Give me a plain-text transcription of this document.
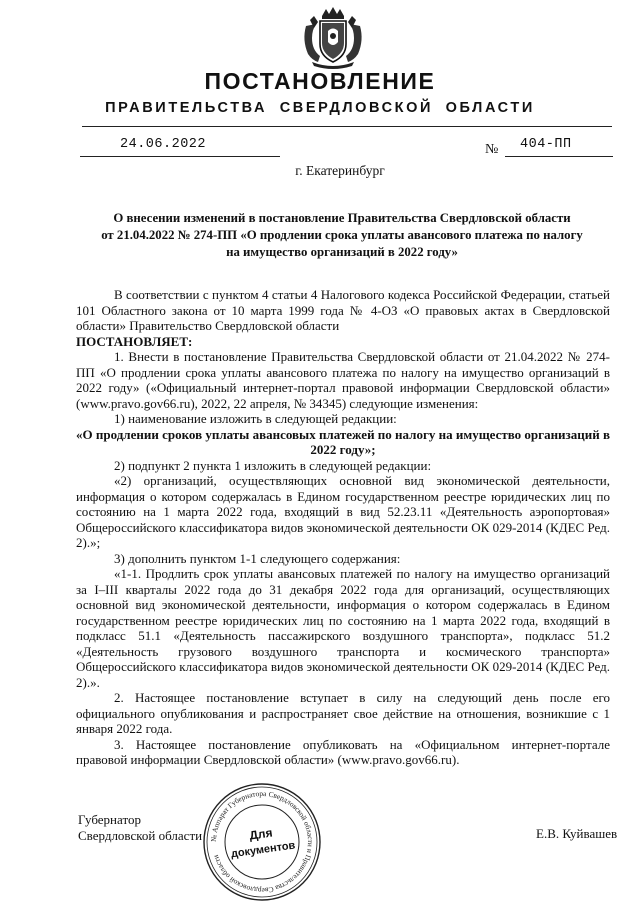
ПОСТАНОВЛЕНИЕ
ПРАВИТЕЛЬСТВА СВЕРДЛОВСКОЙ ОБЛАСТИ
24.06.2022	№ 404-ПП
г. Екатеринбург
О внесении изменений в постановление Правительства Свердловской области
от 21.04.2022 № 274-ПП «О продлении срока уплаты авансового платежа по налогу
на имущество организаций в 2022 году»

В соответствии с пунктом 4 статьи 4 Налогового кодекса Российской Федерации, статьей 101 Областного закона от 10 марта 1999 года № 4-ОЗ «О правовых актах в Свердловской области» Правительство Свердловской области

ПОСТАНОВЛЯЕТ:

1. Внести в постановление Правительства Свердловской области от 21.04.2022 № 274-ПП «О продлении срока уплаты авансового платежа по налогу на имущество организаций в 2022 году» («Официальный интернет-портал правовой информации Свердловской области» (www.pravo.gov66.ru), 2022, 22 апреля, № 34345) следующие изменения:

1) наименование изложить в следующей редакции:

«О продлении сроков уплаты авансовых платежей по налогу на имущество организаций в 2022 году»;

2) подпункт 2 пункта 1 изложить в следующей редакции:

«2) организаций, осуществляющих основной вид экономической деятельности, информация о котором содержалась в Едином государственном реестре юридических лиц по состоянию на 1 марта 2022 года, входящий в вид 52.23.11 «Деятельность аэропортовая» Общероссийского классификатора видов экономической деятельности ОК 029-2014 (КДЕС Ред. 2).»;

3) дополнить пунктом 1-1 следующего содержания:

«1-1. Продлить срок уплаты авансовых платежей по налогу на имущество организаций за I–III кварталы 2022 года до 31 декабря 2022 года для организаций, осуществляющих основной вид экономической деятельности, информация о котором содержалась в Едином государственном реестре юридических лиц по состоянию на 1 марта 2022 года, входящий в подкласс 51.1 «Деятельность пассажирского воздушного транспорта», подкласс 51.2 «Деятельность грузового воздушного транспорта и космического транспорта» Общероссийского классификатора видов экономической деятельности ОК 029-2014 (КДЕС Ред. 2).».

2. Настоящее постановление вступает в силу на следующий день после его официального опубликования и распространяет свое действие на отношения, возникшие с 1 января 2022 года.

3. Настоящее постановление опубликовать на «Официальном интернет-портале правовой информации Свердловской области» (www.pravo.gov66.ru).

Губернатор
Свердловской области	Е.В. Куйвашев
№ Аппарат Губернатора Свердловской области и Правительства Свердловской области
Для
документов
